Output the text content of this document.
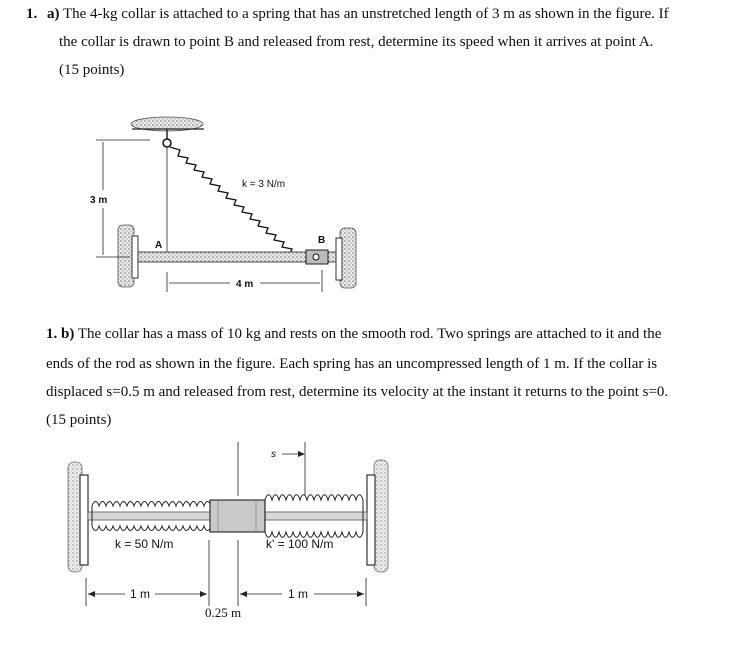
1. a) The 4-kg collar is attached to a spring that has an unstretched length of 3 m as shown in the figure. If
the collar is drawn to point B and released from rest, determine its speed when it arrives at point A.
(15 points)
1. b) The collar has a mass of 10 kg and rests on the smooth rod. Two springs are attached to it and the
ends of the rod as shown in the figure. Each spring has an uncompressed length of 1 m. If the collar is
displaced s=0.5 m and released from rest, determine its velocity at the instant it returns to the point s=0.
(15 points)
k = 3 N/m
3 m
4 m
A	B
s
k = 50 N/m	k' = 100 N/m
1 m	1 m
0.25 m
